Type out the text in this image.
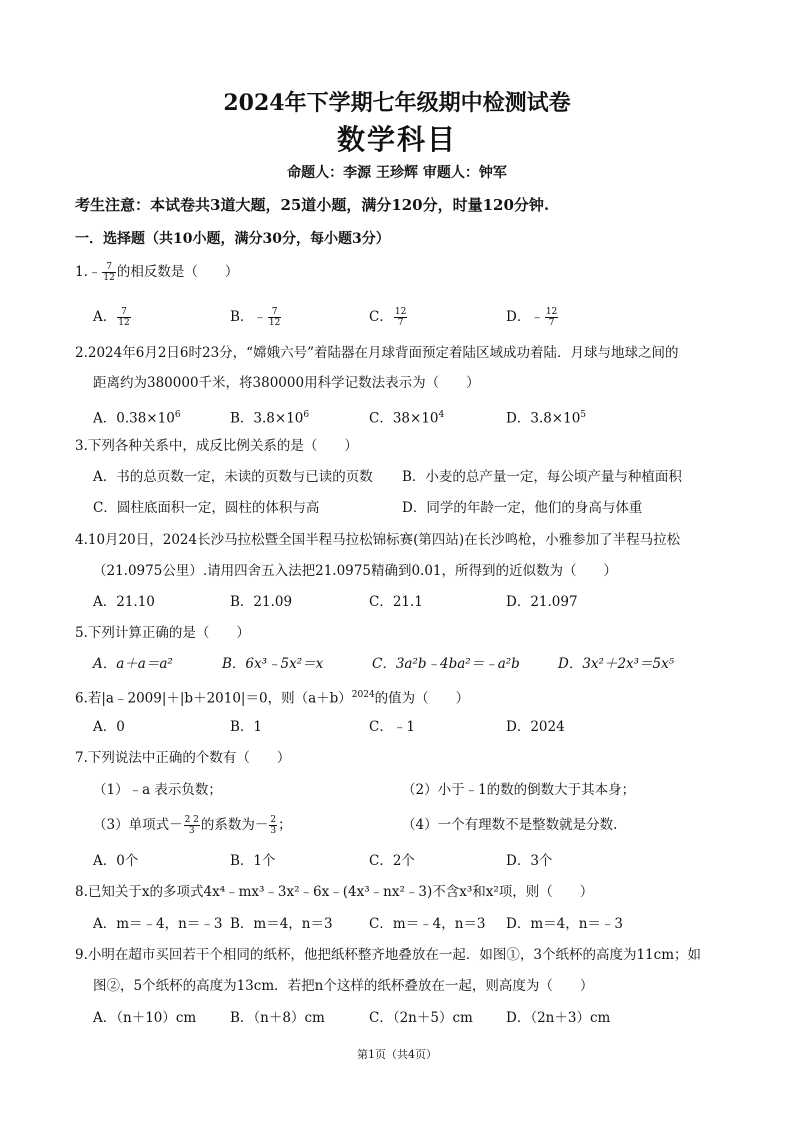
2024年下学期七年级期中检测试卷
数学科目
命题人：李源 王珍辉 审题人：钟军
考生注意：本试卷共3道大题，25道小题，满分120分，时量120分钟.
一．选择题（共10小题，满分30分，每小题3分）
1.﹣ $\frac{7}{12}$ 的相反数是（　　）
A． $\frac{7}{12}$	B．﹣ $\frac{7}{12}$	C． $\frac{12}{7}$	D．﹣ $\frac{12}{7}$
2.2024年6月2日6时23分，“嫦娥六号”着陆器在月球背面预定着陆区域成功着陆．月球与地球之间的
距离约为380000千米，将380000用科学记数法表示为（　　）
A．$0.38\times 10^6$	B．$3.8\times 10^6$	C．$38\times 10^4$	D．$3.8\times 10^5$
3.下列各种关系中，成反比例关系的是（　　）
A．书的总页数一定，未读的页数与已读的页数 B．小麦的总产量一定，每公顷产量与种植面积
C．圆柱底面积一定，圆柱的体积与高	D．同学的年龄一定，他们的身高与体重
4.10月20日，2024长沙马拉松暨全国半程马拉松锦标赛(第四站)在长沙鸣枪，小雅参加了半程马拉松
（21.0975公里）.请用四舍五入法把21.0975精确到0.01，所得到的近似数为（　　）
A．21.10	B．21.09	C．21.1	D．21.097
5.下列计算正确的是（　　）
A．a＋a＝a²	B．6x³﹣5x²＝x	C．3a²b﹣4ba²＝﹣a²b	D．3x²＋2x³＝5x⁵
6.若|a﹣2009|＋|b＋2010|＝0，则$(a+b)^{2024}$的值为（　　）
A．0	B．1	C．﹣1	D．2024
7.下列说法中正确的个数有（　　）
（1）﹣a 表示负数；	（2）小于﹣1的数的倒数大于其本身；
（3）单项式－ $\frac{2 2}{3}$ 的系数为－ $\frac{2}{3}$ ；	（4）一个有理数不是整数就是分数.
A．0个	B．1个	C．2个	D．3个
8.已知关于x的多项式4x⁴﹣mx³﹣3x²﹣6x﹣(4x³﹣nx²﹣3)不含x³和x²项，则（　　）
A．m＝﹣4，n＝﹣3 B．m＝4，n＝3	C．m＝﹣4，n＝3 D．m＝4，n＝﹣3
9.小明在超市买回若干个相同的纸杯，他把纸杯整齐地叠放在一起．如图①，3个纸杯的高度为11cm；如
图②，5个纸杯的高度为13cm．若把n个这样的纸杯叠放在一起，则高度为（　　）
A．（n＋10）cm	B．（n＋8）cm	C．（2n＋5）cm D．（2n＋3）cm
第1页（共4页）
